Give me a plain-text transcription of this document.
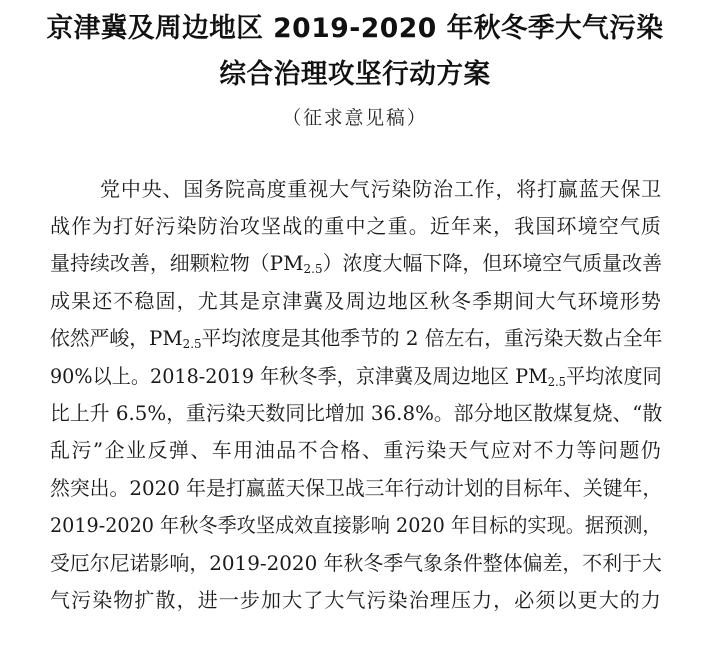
京津冀及周边地区 2019-2020 年秋冬季大气污染
综合治理攻坚行动方案
（征求意见稿）
党中央、国务院高度重视大气污染防治工作，将打赢蓝天保卫
战作为打好污染防治攻坚战的重中之重。近年来，我国环境空气质
量持续改善，细颗粒物$(PM_{2.5})$浓度大幅下降，但环境空气质量改善
成果还不稳固，尤其是京津冀及周边地区秋冬季期间大气环境形势
依然严峻，$PM_{2.5}$平均浓度是其他季节的 2 倍左右，重污染天数占全年
90%以上。2018-2019 年秋冬季，京津冀及周边地区 $PM_{2.5}$平均浓度同
比上升 6.5%，重污染天数同比增加 36.8%。部分地区散煤复烧、“散
乱污”企业反弹、车用油品不合格、重污染天气应对不力等问题仍
然突出。2020 年是打赢蓝天保卫战三年行动计划的目标年、关键年，
2019-2020 年秋冬季攻坚成效直接影响 2020 年目标的实现。据预测，
受厄尔尼诺影响，2019-2020 年秋冬季气象条件整体偏差，不利于大
气污染物扩散，进一步加大了大气污染治理压力，必须以更大的力
